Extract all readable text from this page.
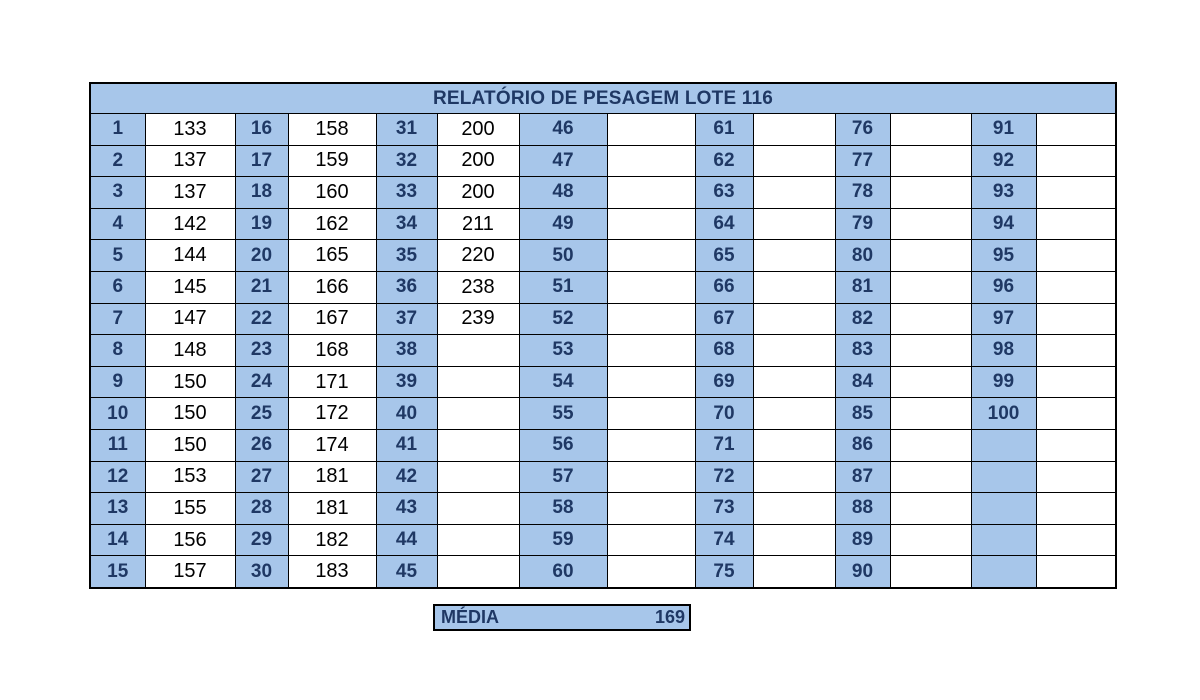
RELATÓRIO DE PESAGEM LOTE 116													
1	133	16	158	31	200	46		61		76		91	
2	137	17	159	32	200	47		62		77		92	
3	137	18	160	33	200	48		63		78		93	
4	142	19	162	34	211	49		64		79		94	
5	144	20	165	35	220	50		65		80		95	
6	145	21	166	36	238	51		66		81		96	
7	147	22	167	37	239	52		67		82		97	
8	148	23	168	38		53		68		83		98	
9	150	24	171	39		54		69		84		99	
10	150	25	172	40		55		70		85		100	
11	150	26	174	41		56		71		86			
12	153	27	181	42		57		72		87			
13	155	28	181	43		58		73		88			
14	156	29	182	44		59		74		89			
15	157	30	183	45		60		75		90			
MÉDIA	169
